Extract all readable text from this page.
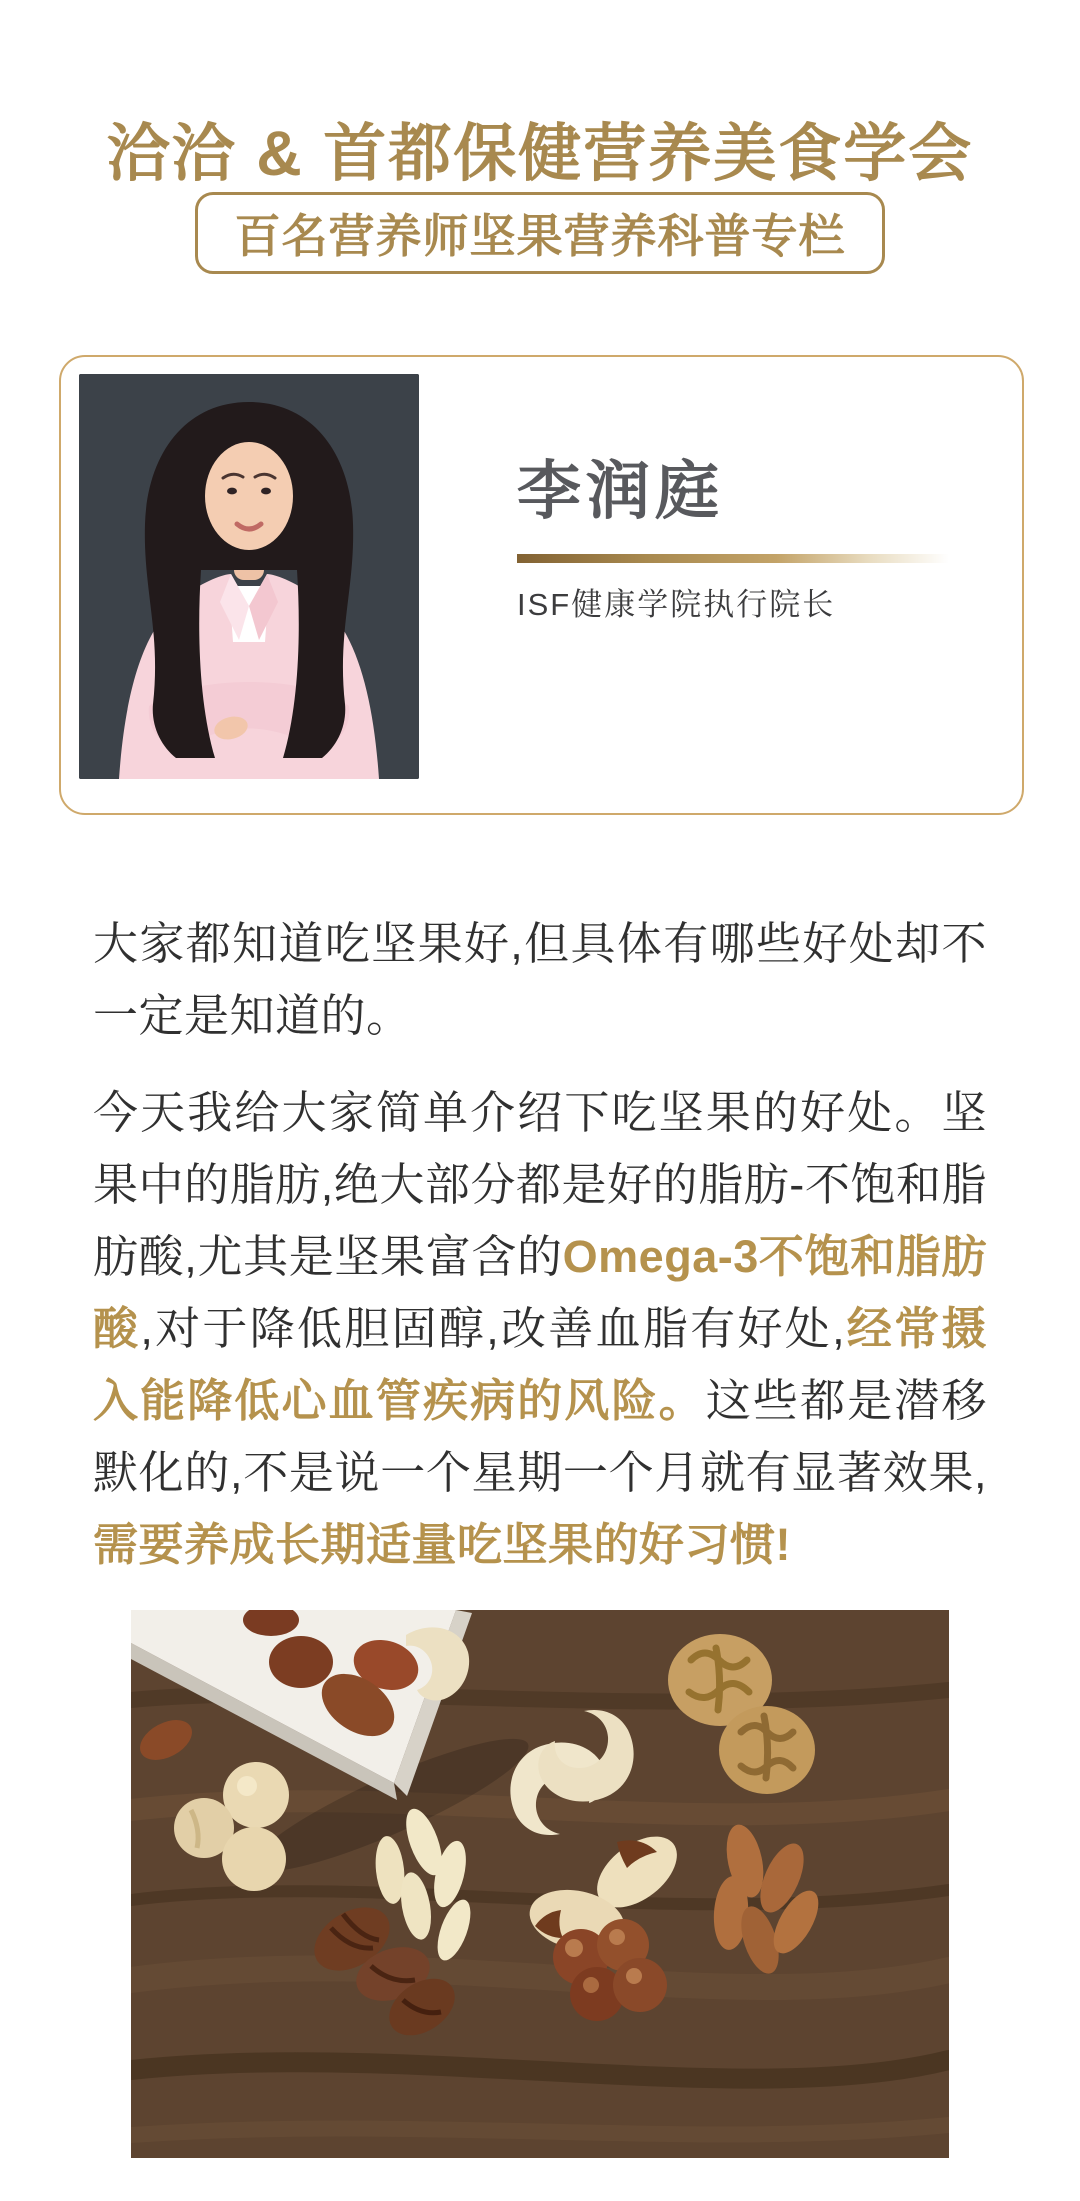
洽洽 & 首都保健营养美食学会
百名营养师坚果营养科普专栏
李润庭
ISF健康学院执行院长

大家都知道吃坚果好,但具体有哪些好处却不一定是知道的。

今天我给大家简单介绍下吃坚果的好处。坚果中的脂肪,绝大部分都是好的脂肪-不饱和脂肪酸,尤其是坚果富含的Omega-3不饱和脂肪酸,对于降低胆固醇,改善血脂有好处,经常摄入能降低心血管疾病的风险。这些都是潜移默化的,不是说一个星期一个月就有显著效果,需要养成长期适量吃坚果的好习惯!
